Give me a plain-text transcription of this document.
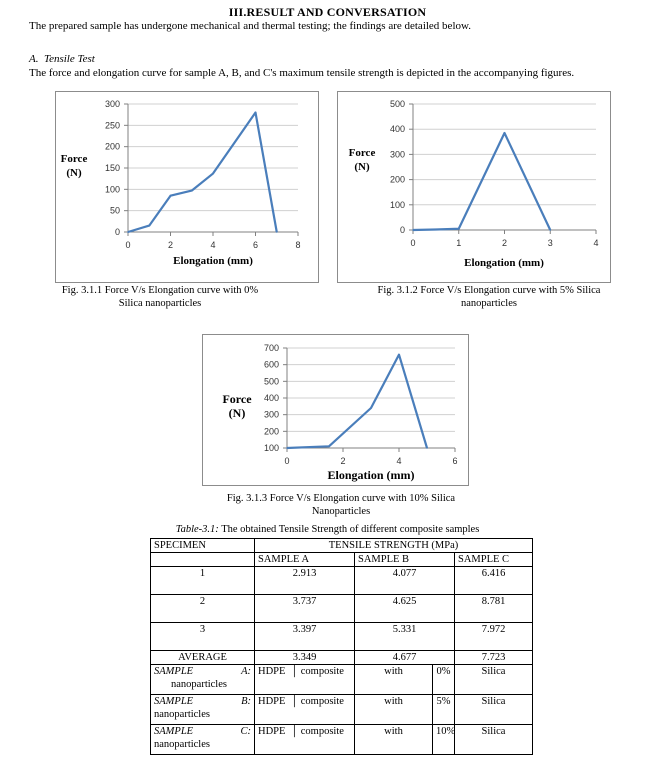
III.RESULT AND CONVERSATION
The prepared sample has undergone mechanical and thermal testing; the findings are detailed below.
A. Tensile Test
The force and elongation curve for sample A, B, and C's maximum tensile strength is depicted in the accompanying figures.
0
50
100
150
200
250
300
0	2	4	6	8
Force
(N)
Elongation (mm)
0
100
200
300
400
500
0	1	2	3	4
Force
(N)
Elongation (mm)
Fig. 3.1.1 Force V/s Elongation curve with 0%
Silica nanoparticles
Fig. 3.1.2 Force V/s Elongation curve with 5% Silica
nanoparticles
100
200
300
400
500
600
700
0	2	4	6
Force
(N)
Elongation (mm)
Fig. 3.1.3 Force V/s Elongation curve with 10% Silica
Nanoparticles
Table-3.1: The obtained Tensile Strength of different composite samples
SPECIMEN	TENSILE STRENGTH (MPa)			
	SAMPLE A	SAMPLE B		SAMPLE C
1	2.913	4.077		6.416
2	3.737	4.625		8.781
3	3.397	5.331		7.972
AVERAGE	3.349	4.677		7.723

SAMPLE A:
nanoparticles	HDPE  │ composite	with	0%	Silica

SAMPLE B:
nanoparticles	HDPE  │ composite	with	5%	Silica

SAMPLE C:
nanoparticles	HDPE  │ composite	with	10%	Silica
